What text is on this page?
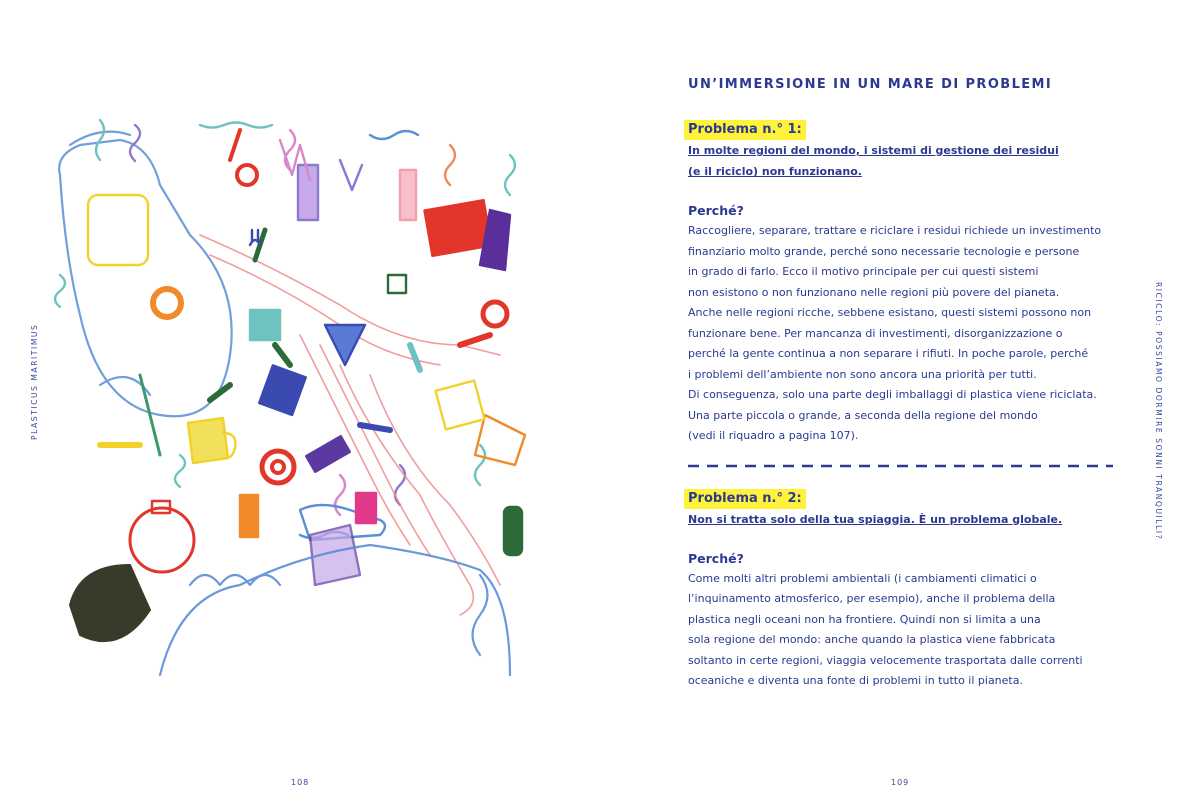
PLASTICUS MARITIMUS
108
RICICLO: POSSIAMO DORMIRE SONNI TRANQUILLI?
109
UN’IMMERSIONE IN UN MARE DI PROBLEMI
Problema n.° 1:

In molte regioni del mondo, i sistemi di gestione dei residui

(e il riciclo) non funzionano.

Perché?

Raccogliere, separare, trattare e riciclare i residui richiede un investimento

finanziario molto grande, perché sono necessarie tecnologie e persone

in grado di farlo. Ecco il motivo principale per cui questi sistemi

non esistono o non funzionano nelle regioni più povere del pianeta.

Anche nelle regioni ricche, sebbene esistano, questi sistemi possono non

funzionare bene. Per mancanza di investimenti, disorganizzazione o

perché la gente continua a non separare i rifiuti. In poche parole, perché

i problemi dell’ambiente non sono ancora una priorità per tutti.

Di conseguenza, solo una parte degli imballaggi di plastica viene riciclata.

Una parte piccola o grande, a seconda della regione del mondo

(vedi il riquadro a pagina 107).

Problema n.° 2:

Non si tratta solo della tua spiaggia. È un problema globale.

Perché?

Come molti altri problemi ambientali (i cambiamenti climatici o

l’inquinamento atmosferico, per esempio), anche il problema della

plastica negli oceani non ha frontiere. Quindi non si limita a una

sola regione del mondo: anche quando la plastica viene fabbricata

soltanto in certe regioni, viaggia velocemente trasportata dalle correnti

oceaniche e diventa una fonte di problemi in tutto il pianeta.
